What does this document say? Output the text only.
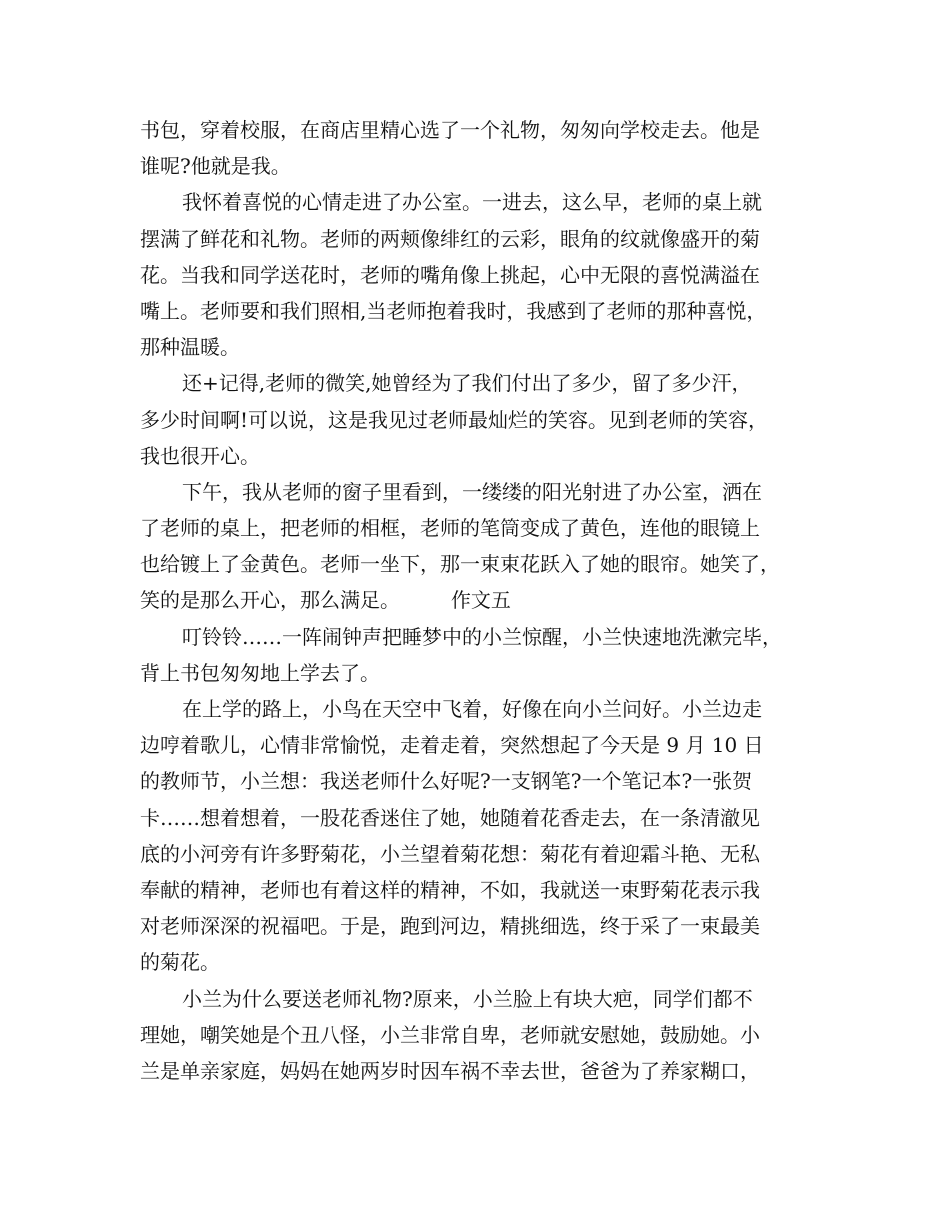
书包，穿着校服，在商店里精心选了一个礼物，匆匆向学校走去。他是
谁呢?他就是我。
我怀着喜悦的心情走进了办公室。一进去，这么早，老师的桌上就
摆满了鲜花和礼物。老师的两颊像绯红的云彩，眼角的纹就像盛开的菊
花。当我和同学送花时，老师的嘴角像上挑起，心中无限的喜悦满溢在
嘴上。老师要和我们照相,当老师抱着我时，我感到了老师的那种喜悦，
那种温暖。
还+记得,老师的微笑,她曾经为了我们付出了多少，留了多少汗，
多少时间啊!可以说，这是我见过老师最灿烂的笑容。见到老师的笑容，
我也很开心。
下午，我从老师的窗子里看到，一缕缕的阳光射进了办公室，洒在
了老师的桌上，把老师的相框，老师的笔筒变成了黄色，连他的眼镜上
也给镀上了金黄色。老师一坐下，那一束束花跃入了她的眼帘。她笑了，
笑的是那么开心，那么满足。        作文五
叮铃铃……一阵闹钟声把睡梦中的小兰惊醒，小兰快速地洗漱完毕，
背上书包匆匆地上学去了。
在上学的路上，小鸟在天空中飞着，好像在向小兰问好。小兰边走
边哼着歌儿，心情非常愉悦，走着走着，突然想起了今天是 9 月 10 日
的教师节，小兰想：我送老师什么好呢?一支钢笔?一个笔记本?一张贺
卡……想着想着，一股花香迷住了她，她随着花香走去，在一条清澈见
底的小河旁有许多野菊花，小兰望着菊花想：菊花有着迎霜斗艳、无私
奉献的精神，老师也有着这样的精神，不如，我就送一束野菊花表示我
对老师深深的祝福吧。于是，跑到河边，精挑细选，终于采了一束最美
的菊花。
小兰为什么要送老师礼物?原来，小兰脸上有块大疤，同学们都不
理她，嘲笑她是个丑八怪，小兰非常自卑，老师就安慰她，鼓励她。小
兰是单亲家庭，妈妈在她两岁时因车祸不幸去世，爸爸为了养家糊口，
